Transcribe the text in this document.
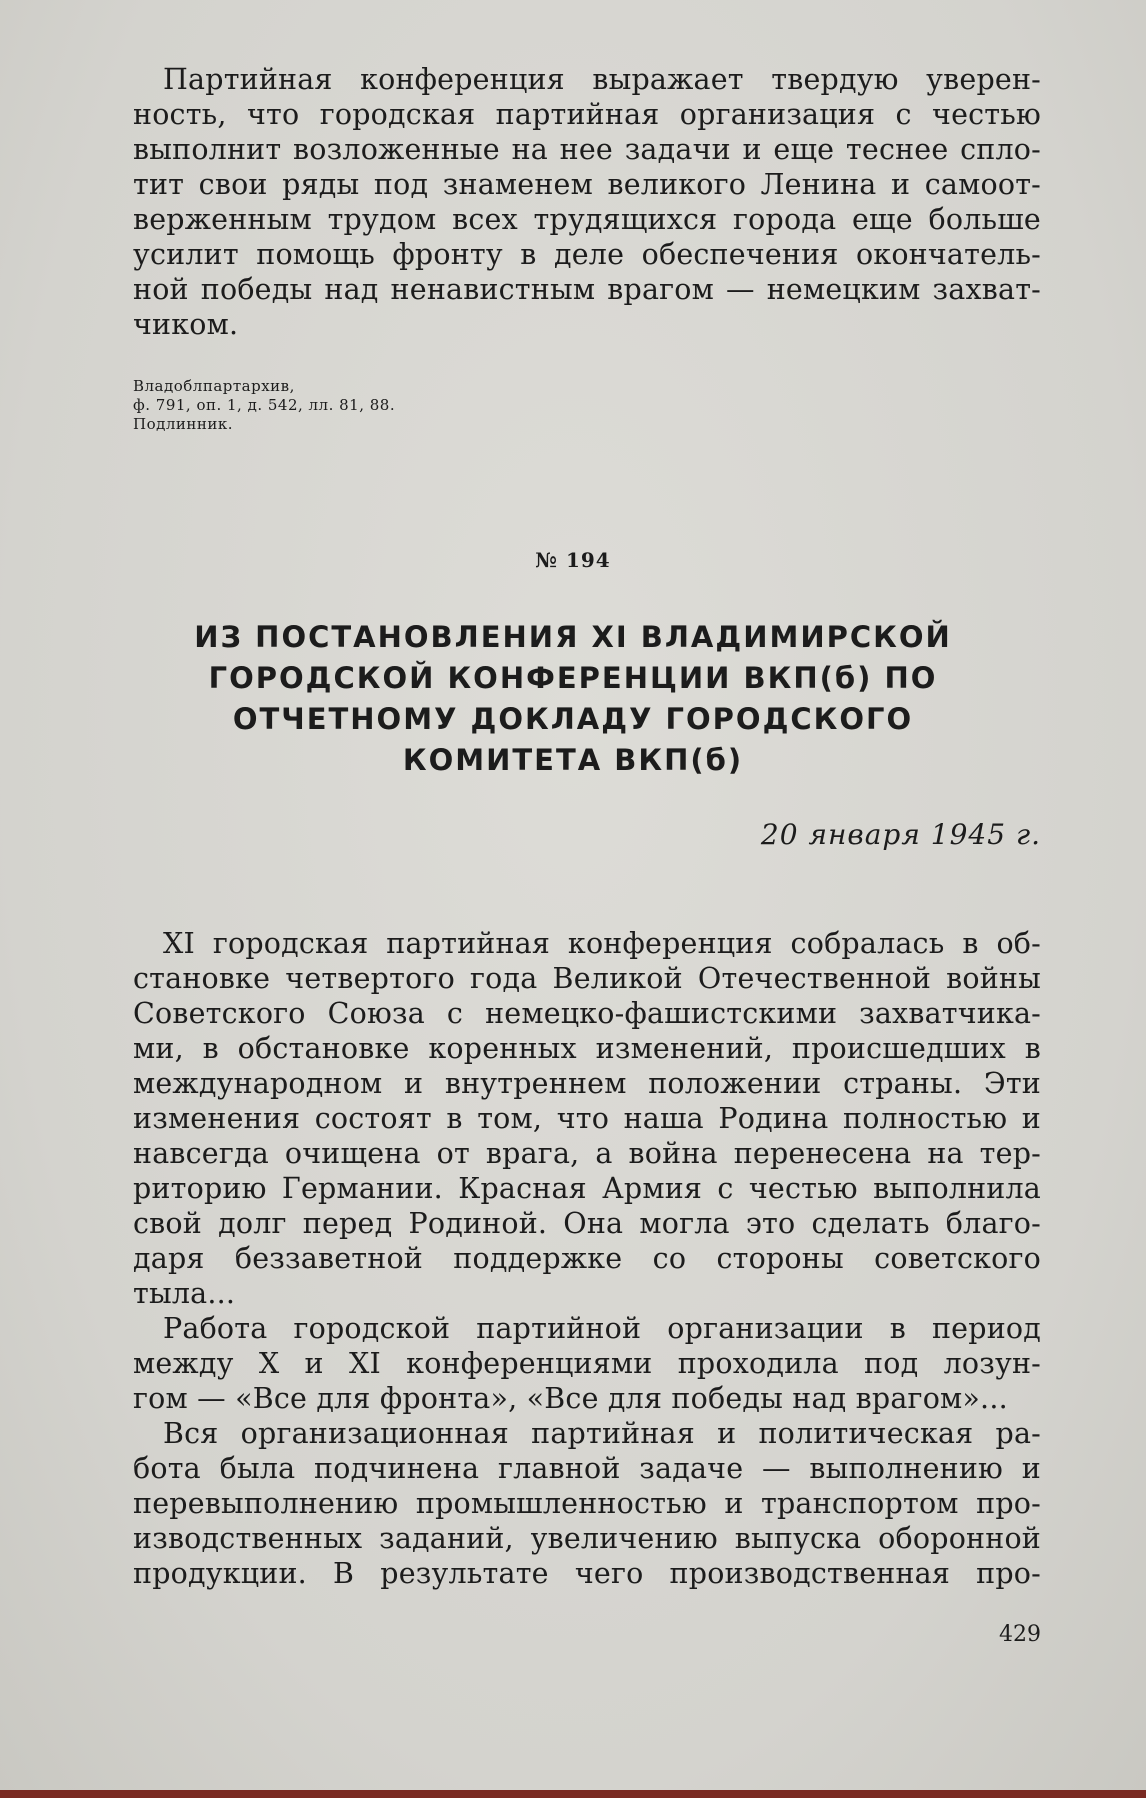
Партийная конференция выражает твердую уверен-
ность, что городская партийная организация с честью
выполнит возложенные на нее задачи и еще теснее спло-
тит свои ряды под знаменем великого Ленина и самоот-
верженным трудом всех трудящихся города еще больше
усилит помощь фронту в деле обеспечения окончатель-
ной победы над ненавистным врагом — немецким захват-
чиком.
Владоблпартархив,
ф. 791, оп. 1, д. 542, лл. 81, 88.
Подлинник.
№ 194
ИЗ ПОСТАНОВЛЕНИЯ XI ВЛАДИМИРСКОЙ
ГОРОДСКОЙ КОНФЕРЕНЦИИ ВКП(б) ПО
ОТЧЕТНОМУ ДОКЛАДУ ГОРОДСКОГО
КОМИТЕТА ВКП(б)
20 января 1945 г.
XI городская партийная конференция собралась в об-
становке четвертого года Великой Отечественной войны
Советского Союза с немецко-фашистскими захватчика-
ми, в обстановке коренных изменений, происшедших в
международном и внутреннем положении страны. Эти
изменения состоят в том, что наша Родина полностью и
навсегда очищена от врага, а война перенесена на тер-
риторию Германии. Красная Армия с честью выполнила
свой долг перед Родиной. Она могла это сделать благо-
даря беззаветной поддержке со стороны советского
тыла...
Работа городской партийной организации в период
между X и XI конференциями проходила под лозун-
гом — «Все для фронта», «Все для победы над врагом»...
Вся организационная партийная и политическая ра-
бота была подчинена главной задаче — выполнению и
перевыполнению промышленностью и транспортом про-
изводственных заданий, увеличению выпуска оборонной
продукции. В результате чего производственная про-
429
